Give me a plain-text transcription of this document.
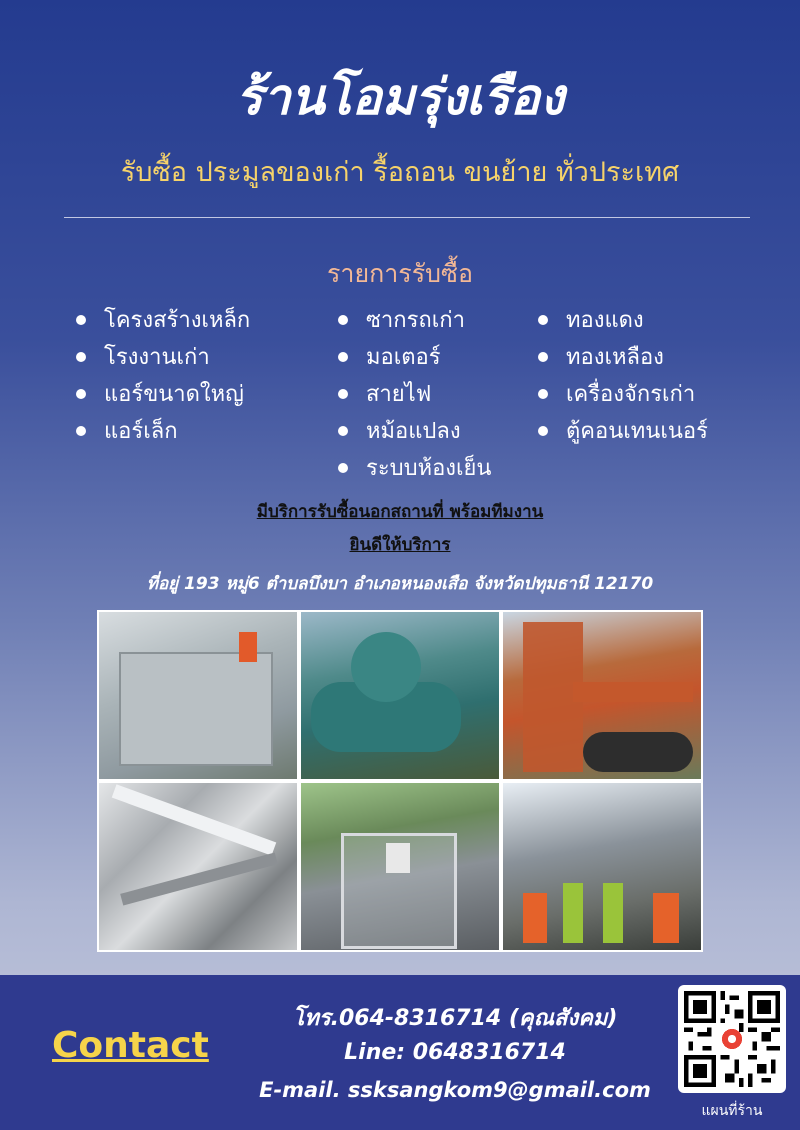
ร้านโอมรุ่งเรือง
รับซื้อ ประมูลของเก่า รื้อถอน ขนย้าย ทั่วประเทศ
รายการรับซื้อ
โครงสร้างเหล็ก
โรงงานเก่า
แอร์ขนาดใหญ่
แอร์เล็ก
ซากรถเก่า
มอเตอร์
สายไฟ
หม้อแปลง
ระบบห้องเย็น
ทองแดง
ทองเหลือง
เครื่องจักรเก่า
ตู้คอนเทนเนอร์
มีบริการรับซื้อนอกสถานที่ พร้อมทีมงาน
ยินดีให้บริการ
ที่อยู่ 193 หมู่6 ตำบลบึงบา อำเภอหนองเสือ จังหวัดปทุมธานี 12170
Contact
โทร.064-8316714 (คุณสังคม)
Line: 0648316714
E-mail. ssksangkom9@gmail.com
แผนที่ร้าน
